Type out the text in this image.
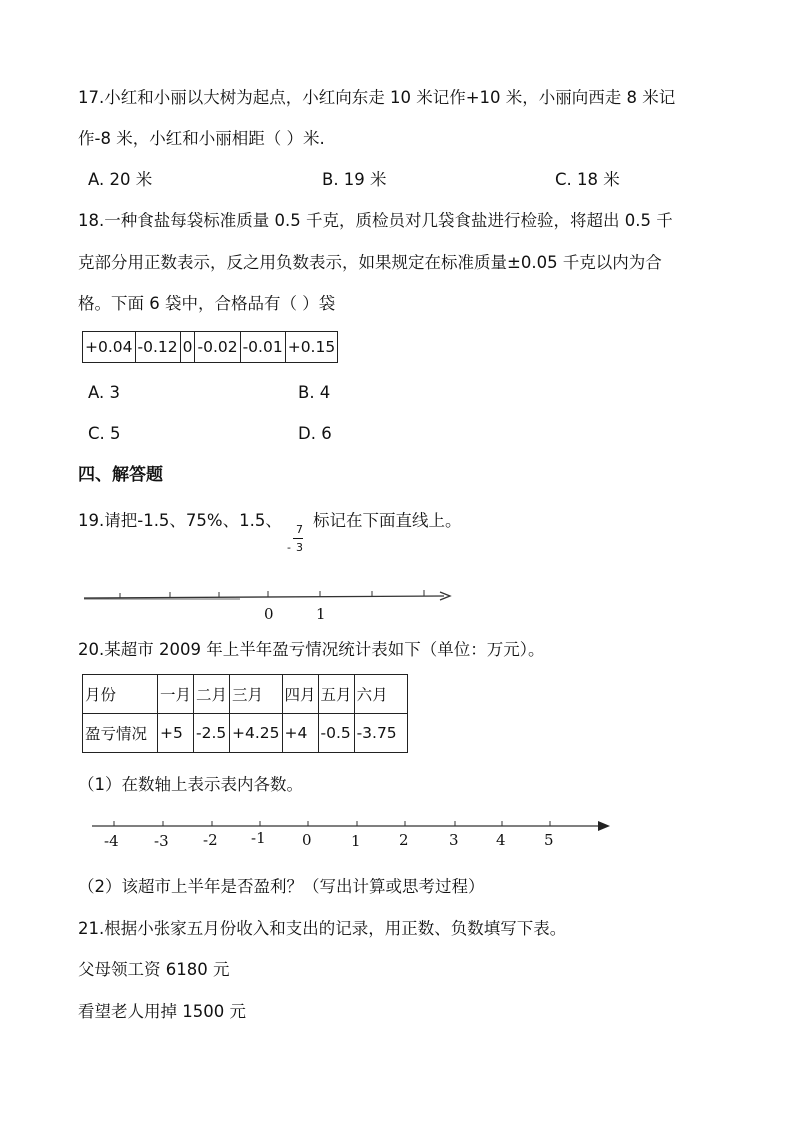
17.小红和小丽以大树为起点，小红向东走 10 米记作+10 米，小丽向西走 8 米记
作-8 米，小红和小丽相距（ ）米.
A. 20 米	B. 19 米	C. 18 米
18.一种食盐每袋标准质量 0.5 千克，质检员对几袋食盐进行检验，将超出 0.5 千
克部分用正数表示，反之用负数表示，如果规定在标准质量±0.05 千克以内为合
格。下面 6 袋中，合格品有（ ）袋
+0.04	-0.12	0	-0.02	-0.01	+0.15
A. 3	B. 4
C. 5	D. 6
四、解答题
19.请把-1.5、75%、1.5、 7
- 3
标记在下面直线上。
0	1
-4 -3 -2 -1 0	1	2	3 4	5
20.某超市 2009 年上半年盈亏情况统计表如下（单位：万元）。
月份	一月	二月	三月	四月	五月	六月
盈亏情况	+5	-2.5	+4.25	+4	-0.5	-3.75
（1）在数轴上表示表内各数。
（2）该超市上半年是否盈利？（写出计算或思考过程）
21.根据小张家五月份收入和支出的记录，用正数、负数填写下表。
父母领工资 6180 元
看望老人用掉 1500 元
